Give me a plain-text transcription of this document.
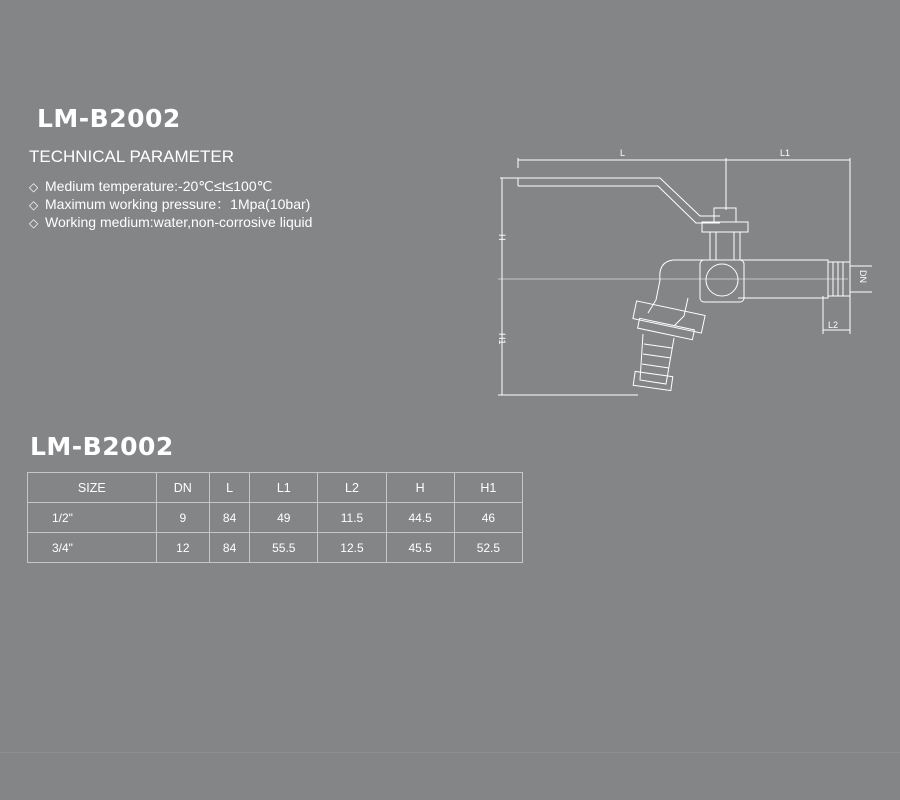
LM-B2002
TECHNICAL PARAMETER
◇ Medium temperature:-20℃≤t≤100℃
◇ Maximum working pressure：1Mpa(10bar)
◇ Working medium:water,non-corrosive liquid
L	L1
H
H1
DN
L2
LM-B2002
SIZE	DN	L	L1	L2	H	H1
1/2"	9	84	49	11.5	44.5	46
3/4"	12	84	55.5	12.5	45.5	52.5
